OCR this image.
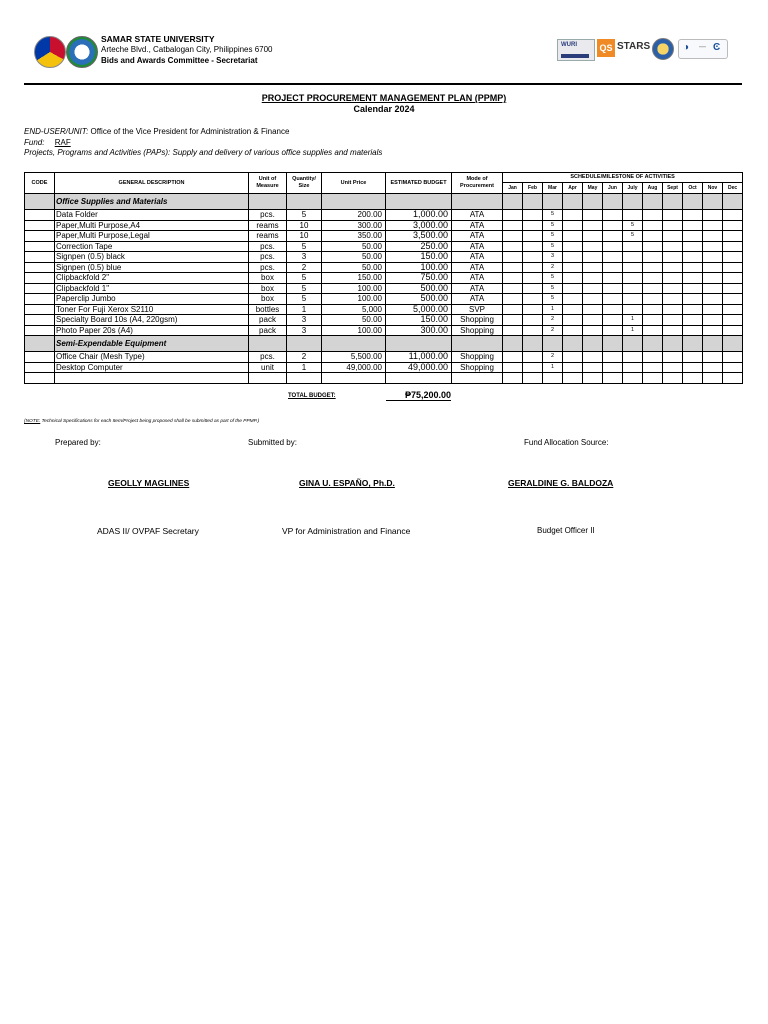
SAMAR STATE UNIVERSITY
Arteche Blvd., Catbalogan City, Philippines 6700
Bids and Awards Committee - Secretariat
WURI QS STARS	◑ — Ͼ
PROJECT PROCUREMENT MANAGEMENT PLAN (PPMP)
Calendar 2024
END-USER/UNIT: Office of the Vice President for Administration & Finance
Fund: RAF
Projects, Programs and Activities (PAPs): Supply and delivery of various office supplies and materials
CODE	GENERAL DESCRIPTION	Unit of Measure	Quantity/ Size	Unit Price	ESTIMATED BUDGET	Mode of Procurement	SCHEDULE/MILESTONE OF ACTIVITIES											
							Jan	Feb	Mar	Apr	May	Jun	July	Aug	Sept	Oct	Nov	Dec
	Office Supplies and Materials																	
	Data Folder	pcs.	5	200.00	1,000.00	ATA			5									
	Paper,Multi Purpose,A4	reams	10	300.00	3,000.00	ATA			5				5					
	Paper,Multi Purpose,Legal	reams	10	350.00	3,500.00	ATA			5				5					
	Correction Tape	pcs.	5	50.00	250.00	ATA			5									
	Signpen (0.5) black	pcs.	3	50.00	150.00	ATA			3									
	Signpen (0.5) blue	pcs.	2	50.00	100.00	ATA			2									
	Clipbackfold 2"	box	5	150.00	750.00	ATA			5									
	Clipbackfold 1"	box	5	100.00	500.00	ATA			5									
	Paperclip Jumbo	box	5	100.00	500.00	ATA			5									
	Toner For Fuji Xerox S2110	bottles	1	5,000	5,000.00	SVP			1									
	Specialty Board 10s (A4, 220gsm)	pack	3	50.00	150.00	Shopping			2				1					
	Photo Paper 20s (A4)	pack	3	100.00	300.00	Shopping			2				1					
	Semi-Expendable Equipment																	
	Office Chair (Mesh Type)	pcs.	2	5,500.00	11,000.00	Shopping			2									
	Desktop Computer	unit	1	49,000.00	49,000.00	Shopping			1									

TOTAL BUDGET:	₱75,200.00
(NOTE: Technical Specifications for each Item/Project being proposed shall be submitted as part of the PPMP.)
Prepared by:	Submitted by:	Fund Allocation Source:
GEOLLY MAGLINES	GINA U. ESPAÑO, Ph.D.	GERALDINE G. BALDOZA
ADAS II/ OVPAF Secretary	VP for Administration and Finance	Budget Officer II
